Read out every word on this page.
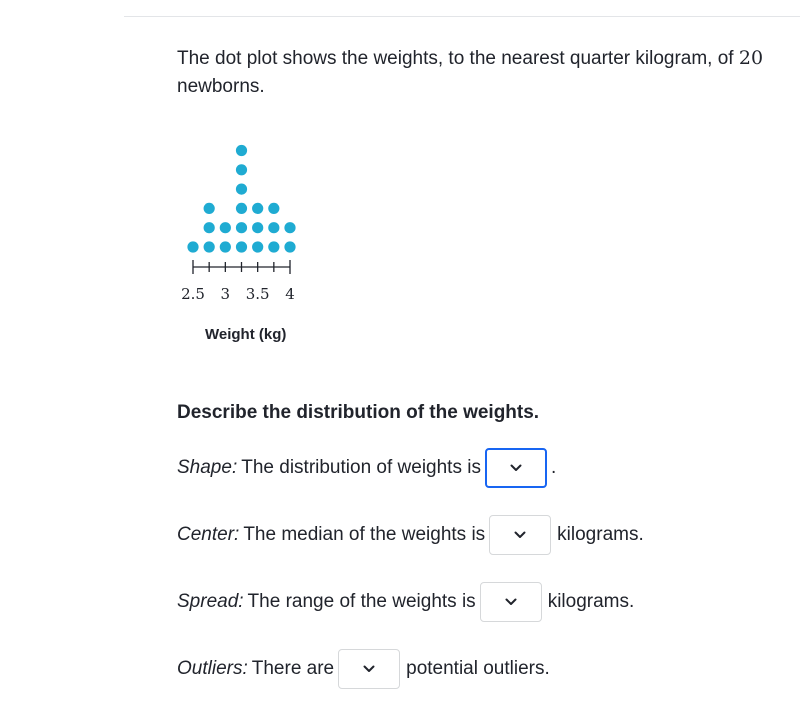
The dot plot shows the weights, to the nearest quarter kilogram, of 20
newborns.
2.5 3 3.5 4
Weight (kg)
Describe the distribution of the weights.
Shape: The distribution of weights is	.
Center: The median of the weights is	kilograms.
Spread: The range of the weights is	kilograms.
Outliers: There are	potential outliers.
